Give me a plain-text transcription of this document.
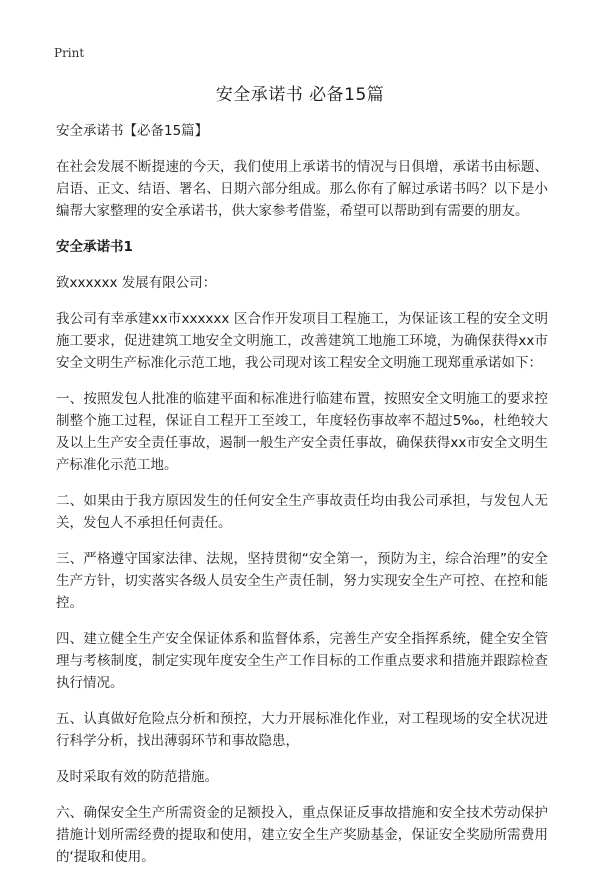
Print
安全承诺书 必备15篇

安全承诺书【必备15篇】

在社会发展不断提速的今天，我们使用上承诺书的情况与日俱增，承诺书由标题、启语、正文、结语、署名、日期六部分组成。那么你有了解过承诺书吗？以下是小编帮大家整理的安全承诺书，供大家参考借鉴，希望可以帮助到有需要的朋友。

安全承诺书1

致xxxxxx 发展有限公司：

我公司有幸承建xx市xxxxxx 区合作开发项目工程施工，为保证该工程的安全文明施工要求，促进建筑工地安全文明施工，改善建筑工地施工环境，为确保获得xx市安全文明生产标准化示范工地，我公司现对该工程安全文明施工现郑重承诺如下：

一、按照发包人批准的临建平面和标准进行临建布置，按照安全文明施工的要求控制整个施工过程，保证自工程开工至竣工，年度轻伤事故率不超过5‰，杜绝较大及以上生产安全责任事故，遏制一般生产安全责任事故，确保获得xx市安全文明生产标准化示范工地。

二、如果由于我方原因发生的任何安全生产事故责任均由我公司承担，与发包人无关，发包人不承担任何责任。

三、严格遵守国家法律、法规，坚持贯彻“安全第一，预防为主，综合治理”的安全生产方针，切实落实各级人员安全生产责任制，努力实现安全生产可控、在控和能控。

四、建立健全生产安全保证体系和监督体系，完善生产安全指挥系统，健全安全管理与考核制度，制定实现年度安全生产工作目标的工作重点要求和措施并跟踪检查执行情况。

五、认真做好危险点分析和预控，大力开展标准化作业，对工程现场的安全状况进行科学分析，找出薄弱环节和事故隐患，

及时采取有效的防范措施。

六、确保安全生产所需资金的足额投入，重点保证反事故措施和安全技术劳动保护措施计划所需经费的提取和使用，建立安全生产奖励基金，保证安全奖励所需费用的‘提取和使用。
